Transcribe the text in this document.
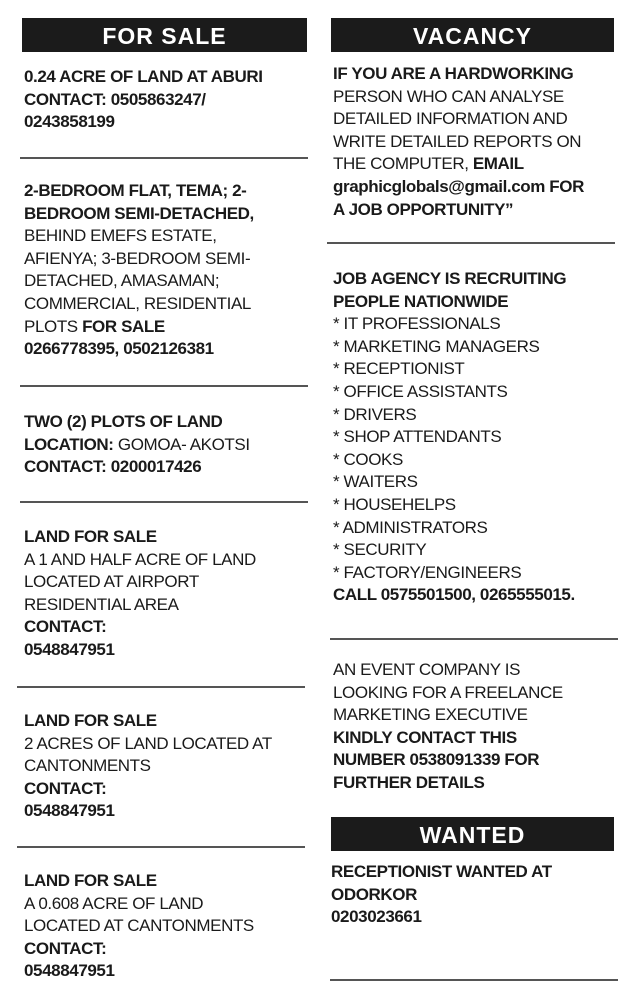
FOR SALE
0.24 ACRE OF LAND AT ABURI
CONTACT: 0505863247/
0243858199
2-BEDROOM FLAT, TEMA; 2-
BEDROOM SEMI-DETACHED,
BEHIND EMEFS ESTATE,
AFIENYA; 3-BEDROOM SEMI-
DETACHED, AMASAMAN;
COMMERCIAL, RESIDENTIAL
PLOTS FOR SALE
0266778395, 0502126381
TWO (2) PLOTS OF LAND
LOCATION: GOMOA- AKOTSI
CONTACT: 0200017426
LAND FOR SALE
A 1 AND HALF ACRE OF LAND
LOCATED AT AIRPORT
RESIDENTIAL AREA
CONTACT:
0548847951
LAND FOR SALE
2 ACRES OF LAND LOCATED AT
CANTONMENTS
CONTACT:
0548847951
LAND FOR SALE
A 0.608 ACRE OF LAND
LOCATED AT CANTONMENTS
CONTACT:
0548847951
VACANCY
IF YOU ARE A HARDWORKING
PERSON WHO CAN ANALYSE
DETAILED INFORMATION AND
WRITE DETAILED REPORTS ON
THE COMPUTER, EMAIL
graphicglobals@gmail.com FOR
A JOB OPPORTUNITY”
JOB AGENCY IS RECRUITING
PEOPLE NATIONWIDE
* IT PROFESSIONALS
* MARKETING MANAGERS
* RECEPTIONIST
* OFFICE ASSISTANTS
* DRIVERS
* SHOP ATTENDANTS
* COOKS
* WAITERS
* HOUSEHELPS
* ADMINISTRATORS
* SECURITY
* FACTORY/ENGINEERS
CALL 0575501500, 0265555015.
AN EVENT COMPANY IS
LOOKING FOR A FREELANCE
MARKETING EXECUTIVE
KINDLY CONTACT THIS
NUMBER 0538091339 FOR
FURTHER DETAILS
WANTED
RECEPTIONIST WANTED AT
ODORKOR
0203023661
